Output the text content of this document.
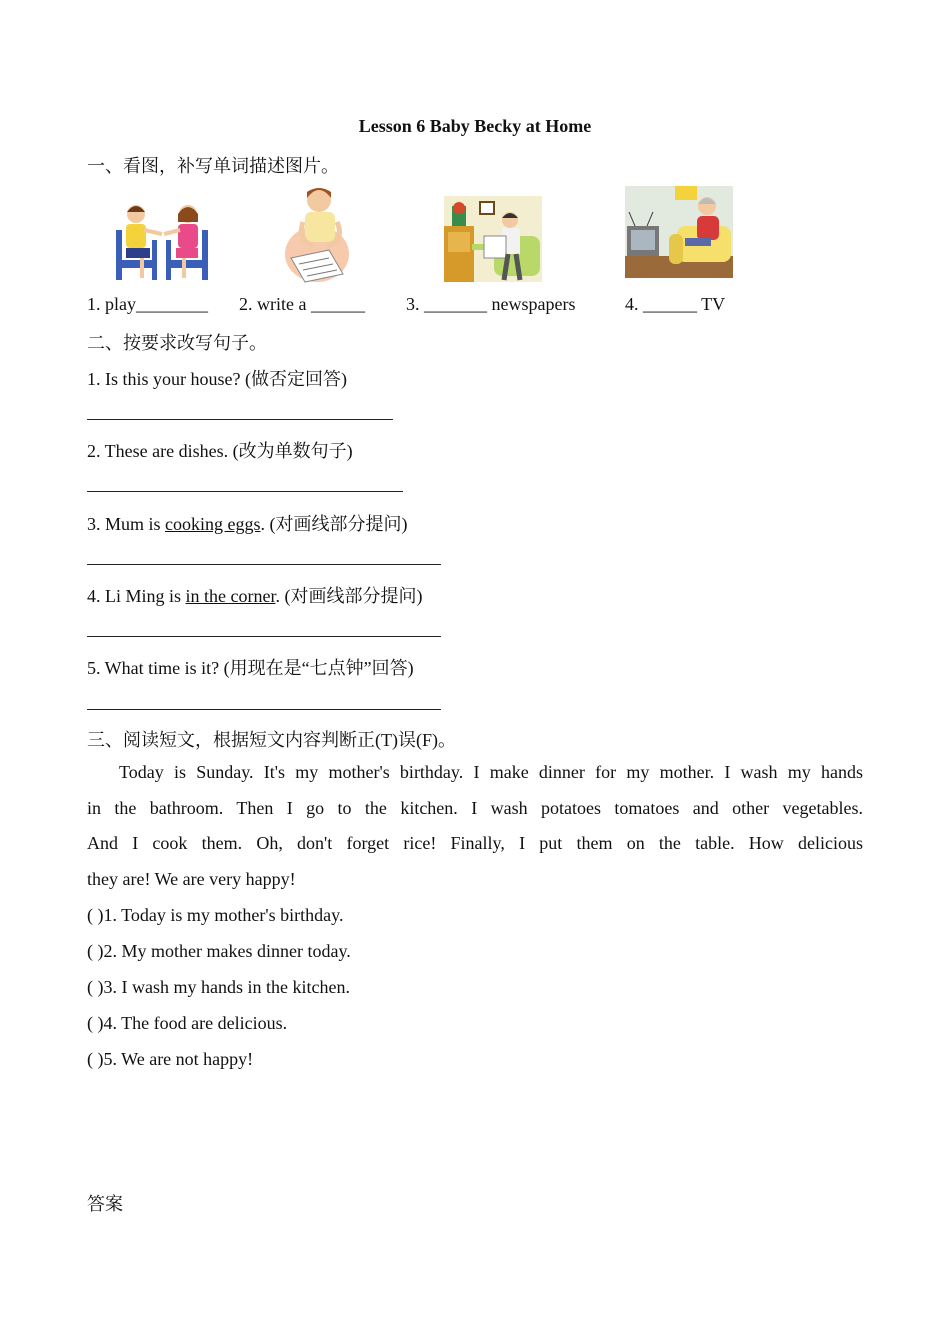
Lesson 6 Baby Becky at Home
一、看图，补写单词描述图片。
1. play________ 2. write a ______ 3. _______ newspapers	4. ______ TV
二、按要求改写句子。
1. Is this your house? (做否定回答)
2. These are dishes. (改为单数句子)
3. Mum is cooking eggs. (对画线部分提问)
4. Li Ming is in the corner. (对画线部分提问)
5. What time is it? (用现在是“七点钟”回答)
三、阅读短文，根据短文内容判断正(T)误(F)。
Today is Sunday. It's my mother's birthday. I make dinner for my mother. I wash my hands
in the bathroom. Then I go to the kitchen. I wash potatoes tomatoes and other vegetables.
And I cook them. Oh, don't forget rice! Finally, I put them on the table. How delicious
they are! We are very happy!
( )1. Today is my mother's birthday.
( )2. My mother makes dinner today.
( )3. I wash my hands in the kitchen.
( )4. The food are delicious.
( )5. We are not happy!
答案
